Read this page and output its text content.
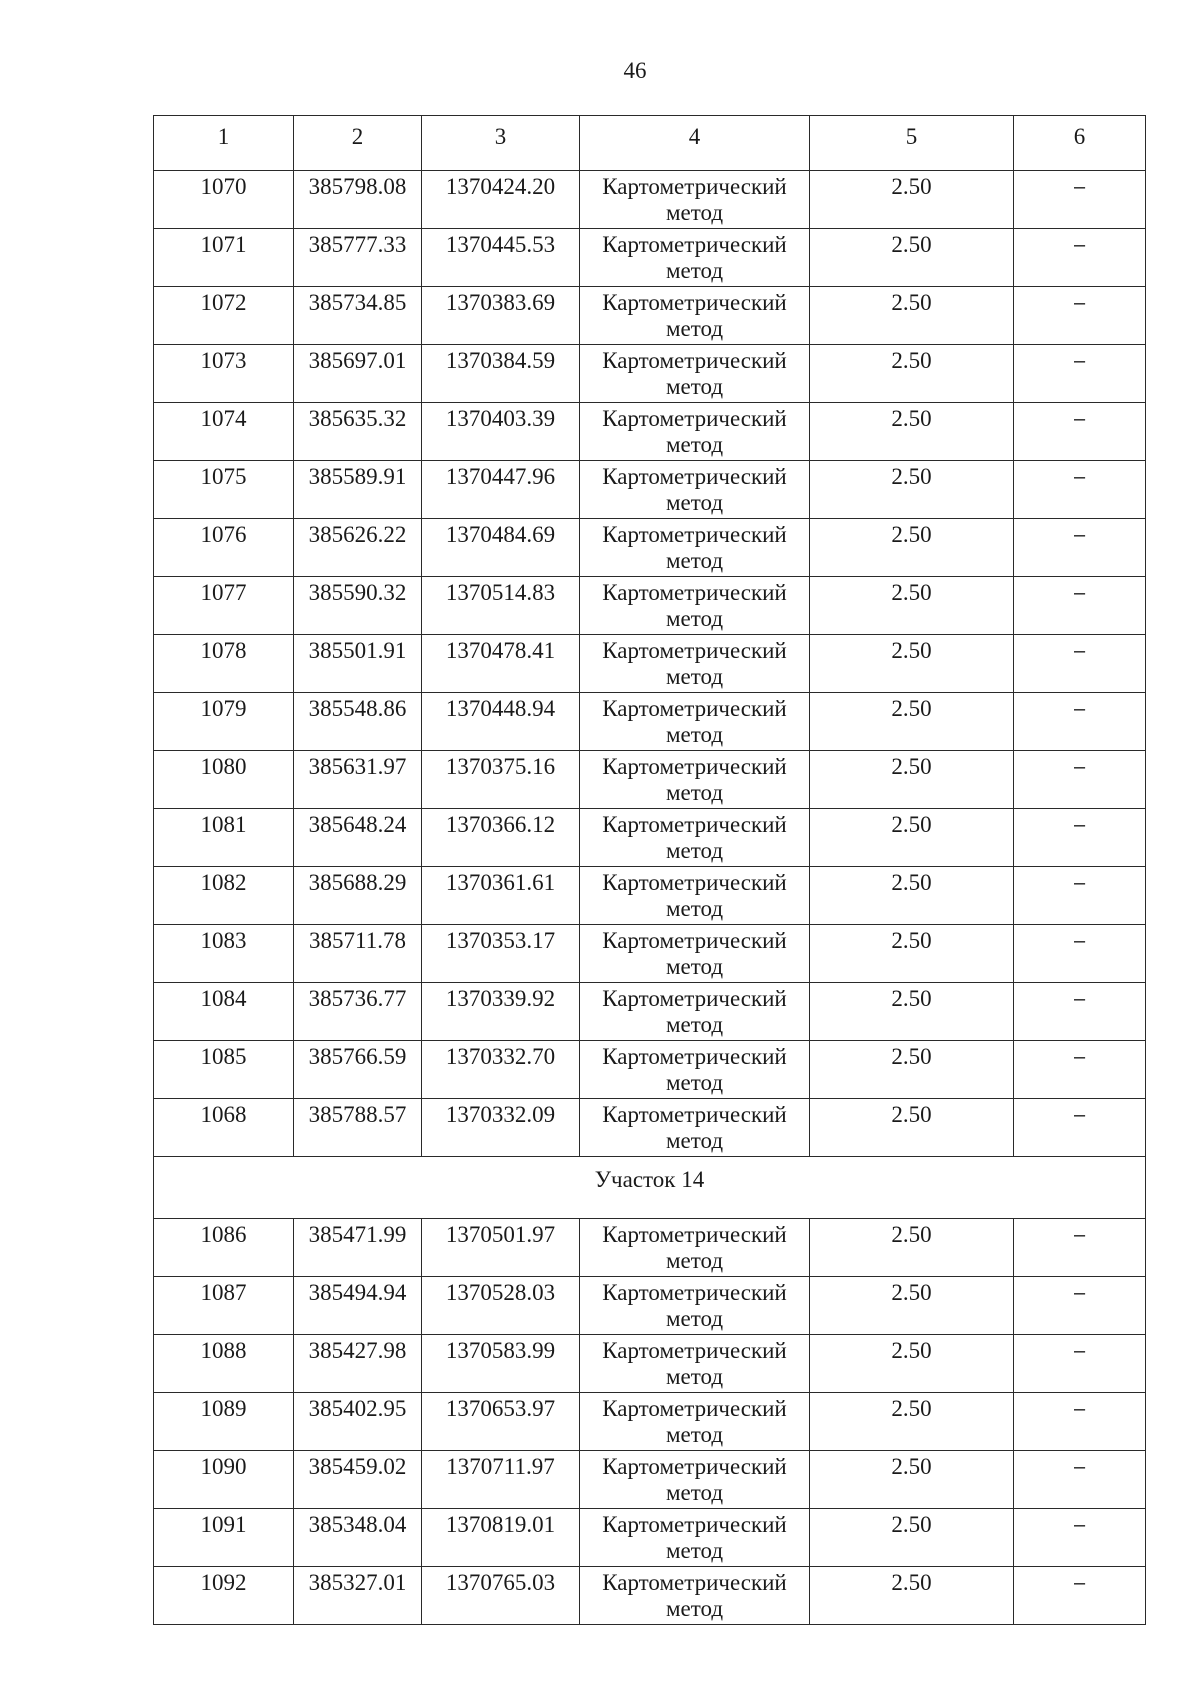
46
1	2	3	4	5	6
1070	385798.08	1370424.20	Картометрический метод	2.50	–
1071	385777.33	1370445.53	Картометрический метод	2.50	–
1072	385734.85	1370383.69	Картометрический метод	2.50	–
1073	385697.01	1370384.59	Картометрический метод	2.50	–
1074	385635.32	1370403.39	Картометрический метод	2.50	–
1075	385589.91	1370447.96	Картометрический метод	2.50	–
1076	385626.22	1370484.69	Картометрический метод	2.50	–
1077	385590.32	1370514.83	Картометрический метод	2.50	–
1078	385501.91	1370478.41	Картометрический метод	2.50	–
1079	385548.86	1370448.94	Картометрический метод	2.50	–
1080	385631.97	1370375.16	Картометрический метод	2.50	–
1081	385648.24	1370366.12	Картометрический метод	2.50	–
1082	385688.29	1370361.61	Картометрический метод	2.50	–
1083	385711.78	1370353.17	Картометрический метод	2.50	–
1084	385736.77	1370339.92	Картометрический метод	2.50	–
1085	385766.59	1370332.70	Картометрический метод	2.50	–
1068	385788.57	1370332.09	Картометрический метод	2.50	–
Участок 14					
1086	385471.99	1370501.97	Картометрический метод	2.50	–
1087	385494.94	1370528.03	Картометрический метод	2.50	–
1088	385427.98	1370583.99	Картометрический метод	2.50	–
1089	385402.95	1370653.97	Картометрический метод	2.50	–
1090	385459.02	1370711.97	Картометрический метод	2.50	–
1091	385348.04	1370819.01	Картометрический метод	2.50	–
1092	385327.01	1370765.03	Картометрический метод	2.50	–
